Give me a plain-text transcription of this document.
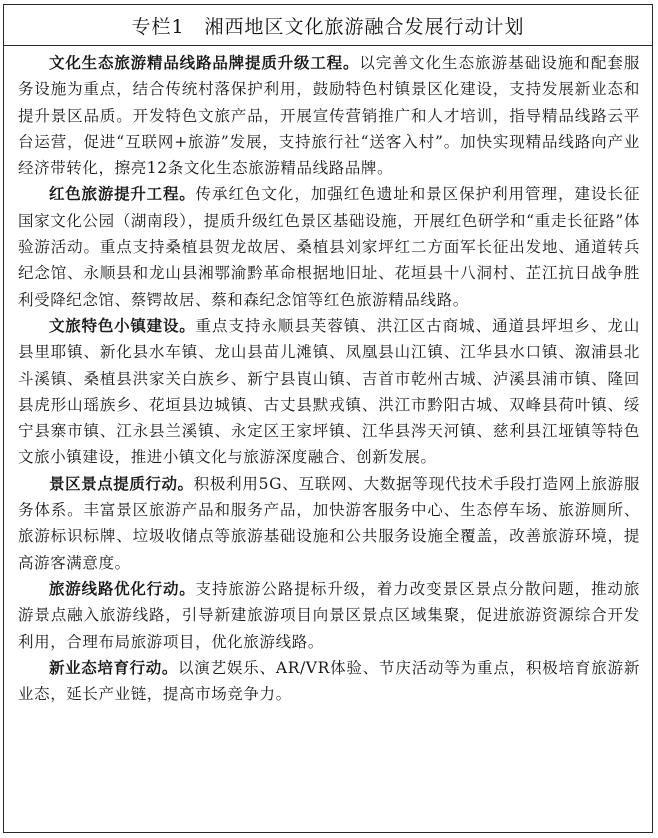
专栏1　湘西地区文化旅游融合发展行动计划

文化生态旅游精品线路品牌提质升级工程。以完善文化生态旅游基础设施和配套服务设施为重点，结合传统村落保护利用，鼓励特色村镇景区化建设，支持发展新业态和提升景区品质。开发特色文旅产品，开展宣传营销推广和人才培训，指导精品线路云平台运营，促进“互联网+旅游”发展，支持旅行社“送客入村”。加快实现精品线路向产业经济带转化，擦亮12条文化生态旅游精品线路品牌。

红色旅游提升工程。传承红色文化，加强红色遗址和景区保护利用管理，建设长征国家文化公园（湖南段），提质升级红色景区基础设施，开展红色研学和“重走长征路”体验游活动。重点支持桑植县贺龙故居、桑植县刘家坪红二方面军长征出发地、通道转兵纪念馆、永顺县和龙山县湘鄂渝黔革命根据地旧址、花垣县十八洞村、芷江抗日战争胜利受降纪念馆、蔡锷故居、蔡和森纪念馆等红色旅游精品线路。

文旅特色小镇建设。重点支持永顺县芙蓉镇、洪江区古商城、通道县坪坦乡、龙山县里耶镇、新化县水车镇、龙山县苗儿滩镇、凤凰县山江镇、江华县水口镇、溆浦县北斗溪镇、桑植县洪家关白族乡、新宁县崀山镇、吉首市乾州古城、泸溪县浦市镇、隆回县虎形山瑶族乡、花垣县边城镇、古丈县默戎镇、洪江市黔阳古城、双峰县荷叶镇、绥宁县寨市镇、江永县兰溪镇、永定区王家坪镇、江华县涔天河镇、慈利县江垭镇等特色文旅小镇建设，推进小镇文化与旅游深度融合、创新发展。

景区景点提质行动。积极利用5G、互联网、大数据等现代技术手段打造网上旅游服务体系。丰富景区旅游产品和服务产品，加快游客服务中心、生态停车场、旅游厕所、旅游标识标牌、垃圾收储点等旅游基础设施和公共服务设施全覆盖，改善旅游环境，提高游客满意度。

旅游线路优化行动。支持旅游公路提标升级，着力改变景区景点分散问题，推动旅游景点融入旅游线路，引导新建旅游项目向景区景点区域集聚，促进旅游资源综合开发利用，合理布局旅游项目，优化旅游线路。

新业态培育行动。以演艺娱乐、AR/VR体验、节庆活动等为重点，积极培育旅游新业态，延长产业链，提高市场竞争力。
